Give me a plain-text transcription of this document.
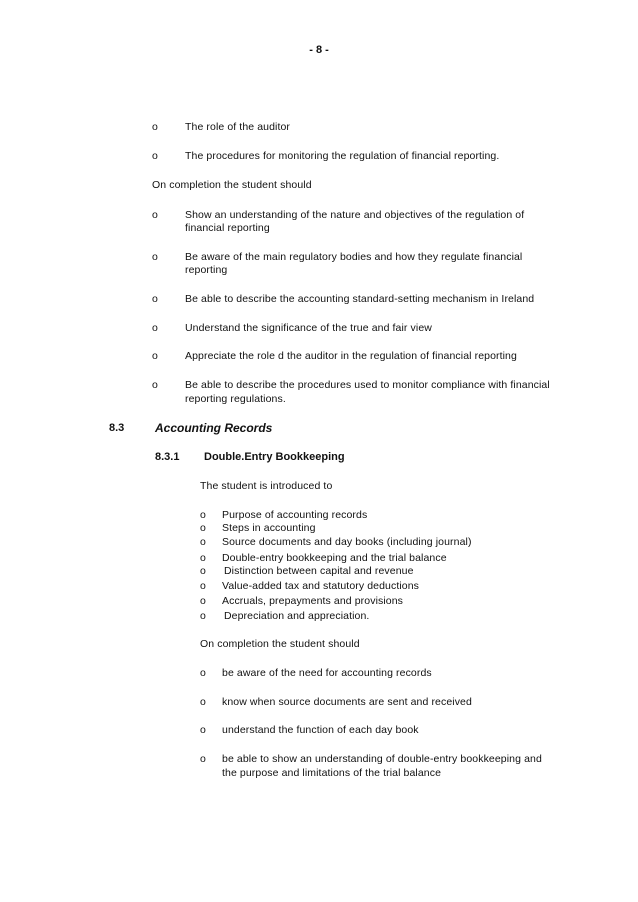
- 8 -
o	The role of the auditor
o	The procedures for monitoring the regulation of financial reporting.
On completion the student should
o	Show an understanding of the nature and objectives of the regulation of
financial reporting
o	Be aware of the main regulatory bodies and how they regulate financial
reporting
o	Be able to describe the accounting standard-setting mechanism in Ireland
o	Understand the significance of the true and fair view
o	Appreciate the role d the auditor in the regulation of financial reporting
o	Be able to describe the procedures used to monitor compliance with financial
reporting regulations.
8.3	Accounting Records
8.3.1 Double.Entry Bookkeeping
The student is introduced to
o Purpose of accounting records
o Steps in accounting
o Source documents and day books (including journal)
o Double-entry bookkeeping and the trial balance
o Distinction between capital and revenue
o Value-added tax and statutory deductions
o Accruals, prepayments and provisions
o Depreciation and appreciation.
On completion the student should
o be aware of the need for accounting records
o know when source documents are sent and received
o understand the function of each day book
o be able to show an understanding of double-entry bookkeeping and
the purpose and limitations of the trial balance
